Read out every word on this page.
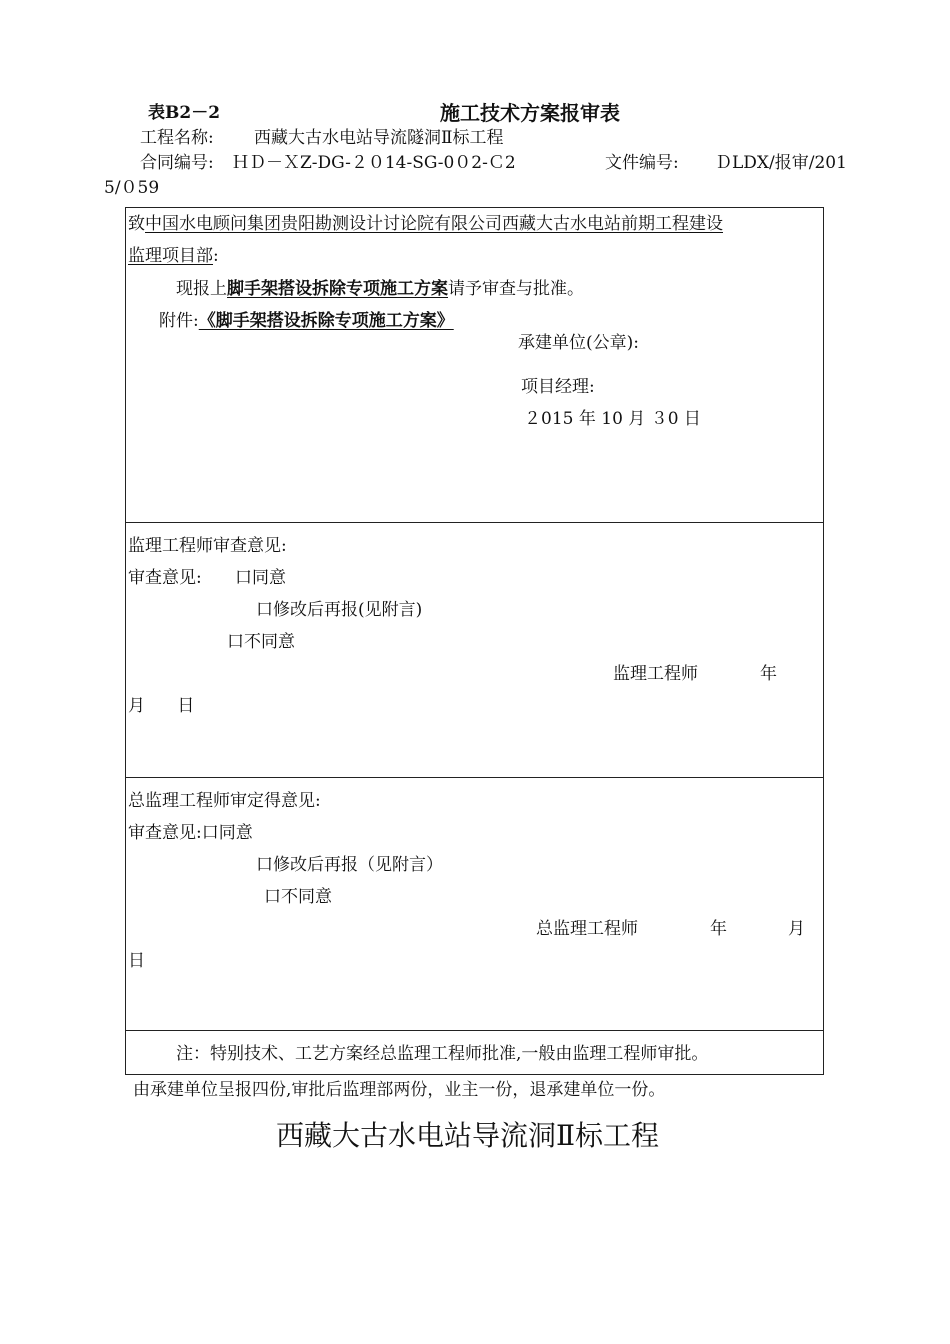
表B2－2	施工技术方案报审表
工程名称: 西藏大古水电站导流隧洞Ⅱ标工程
合同编号: ＨＤ－ＸZ-DG-２０14-SG-0０2-Ｃ2	文件编号: ＤLDX/报审/201
5/０59
致中国水电顾问集团贵阳勘测设计讨论院有限公司西藏大古水电站前期工程建设
监理项目部:
现报上脚手架搭设拆除专项施工方案请予审查与批准。
附件:《脚手架搭设拆除专项施工方案》
承建单位(公章):
项目经理:
２015 年 10 月 ３0 日
监理工程师审查意见:
审查意见: 口同意
口修改后再报(见附言)
口不同意
监理工程师	年
月      日
总监理工程师审定得意见:
审查意见:口同意
口修改后再报（见附言）
口不同意
总监理工程师	年	月
日
注：特别技术、工艺方案经总监理工程师批准,一般由监理工程师审批。
由承建单位呈报四份,审批后监理部两份，业主一份，退承建单位一份。
西藏大古水电站导流洞Ⅱ标工程
